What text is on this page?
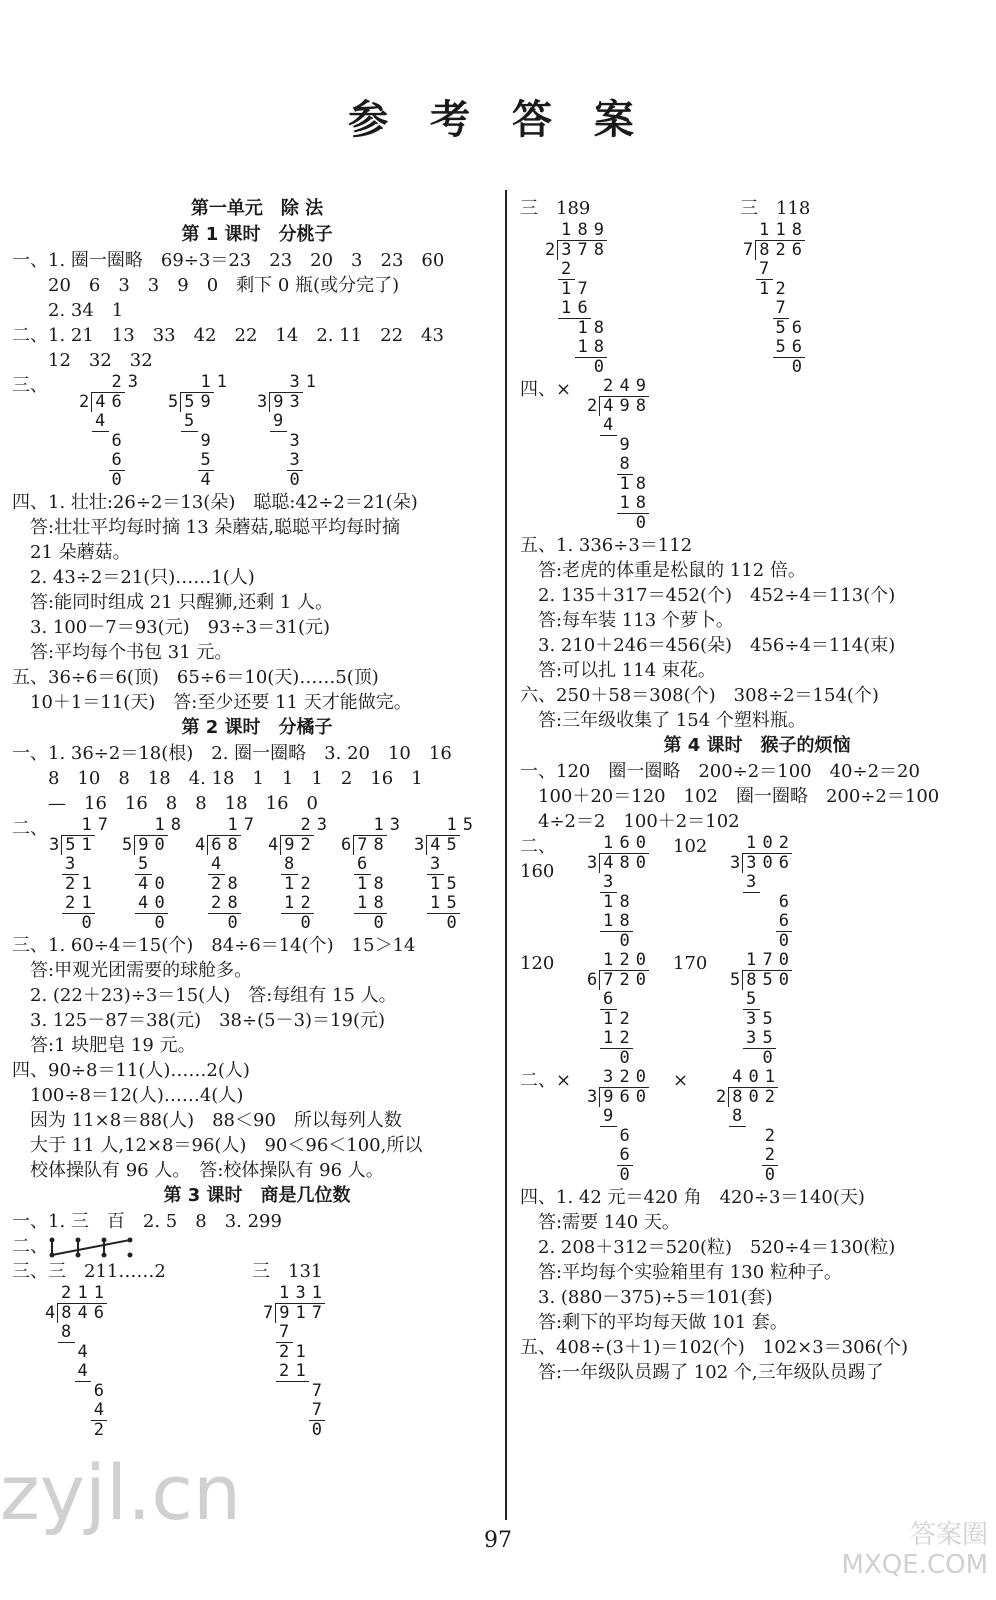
参 考 答 案
第一单元　除 法
第 1 课时　分桃子
一、1. 圈一圈略　69÷3＝23　23　20　3　23　60
　　20　6　3　3　9　0　剩下 0 瓶(或分完了)
　　2. 34　1
二、1. 21　13　33　42　22　14　2. 11　22　43
　　12　32　32
三、
			2	3
2	4	6	
	4		
		6	
		6	
		0	
		1	1
5	5	9	
	5		
		9	
		5	
		4	
		3	1
3	9	3	
	9		
		3	
		3	
		0	
四、1. 壮壮:26÷2＝13(朵)　聪聪:42÷2＝21(朵)
　答:壮壮平均每时摘 13 朵蘑菇,聪聪平均每时摘
　21 朵蘑菇。
　2. 43÷2＝21(只)……1(人)
　答:能同时组成 21 只醒狮,还剩 1 人。
　3. 100－7＝93(元)　93÷3＝31(元)
　答:平均每个书包 31 元。
五、36÷6＝6(顶)　65÷6＝10(天)……5(顶)
　10＋1＝11(天)　答:至少还要 11 天才能做完。
第 2 课时　分橘子
一、1. 36÷2＝18(根)　2. 圈一圈略　3. 20　10　16
　　8　10　8　18　4. 18　1　1　1　2　16　1
　　—　16　16　8　8　18　16　0
二、
		1	7
3	5	1	
	3		
	2	1	
	2	1	
		0	
		1	8
5	9	0	
	5		
	4	0	
	4	0	
		0	
		1	7
4	6	8	
	4		
	2	8	
	2	8	
		0	
		2	3
4	9	2	
	8		
	1	2	
	1	2	
		0	
		1	3
6	7	8	
	6		
	1	8	
	1	8	
		0	
		1	5
3	4	5	
	3		
	1	5	
	1	5	
		0	
三、1. 60÷4＝15(个)　84÷6＝14(个)　15＞14
　答:甲观光团需要的球舱多。
　2. (22＋23)÷3＝15(人)　答:每组有 15 人。
　3. 125－87＝38(元)　38÷(5－3)＝19(元)
　答:1 块肥皂 19 元。
四、90÷8＝11(人)……2(人)
　100÷8＝12(人)……4(人)
　因为 11×8＝88(人)　88＜90　所以每列人数
　大于 11 人,12×8＝96(人)　90＜96＜100,所以
　校体操队有 96 人。　答:校体操队有 96 人。
第 3 课时　商是几位数
一、1. 三　百　2. 5　8　3. 299
二、
三、三　211……2
	2	1	1
4	8	4	6
	8		
		4	
		4	
			6
			4
			2
三　131
	1	3	1
7	9	1	7
	7		
	2	1	
	2	1	
			7
			7
			0
三　189
	1	8	9
2	3	7	8
	2		
	1	7	
	1	6	
		1	8
		1	8
			0
三　118
	1	1	8
7	8	2	6
	7		
	1	2	
		7	
		5	6
		5	6
			0
四、×
		2	4	9
2	4	9	8
	4		
		9	
		8	
		1	8
		1	8
			0
五、1. 336÷3＝112
　答:老虎的体重是松鼠的 112 倍。
　2. 135＋317＝452(个)　452÷4＝113(个)
　答:每车装 113 个萝卜。
　3. 210＋246＝456(朵)　456÷4＝114(束)
　答:可以扎 114 束花。
六、250＋58＝308(个)　308÷2＝154(个)
　答:三年级收集了 154 个塑料瓶。
第 4 课时　猴子的烦恼
一、120　圈一圈略　200÷2＝100　40÷2＝20
　100＋20＝120　102　圈一圈略　200÷2＝100
　4÷2＝2　100＋2＝102
二、160
	1	6	0
3	4	8	0
	3		
	1	8	
	1	8	
		0	
102
		1	0	2
3	3	0	6
	3		
			6
			6
			0
120
		1	2	0
6	7	2	0
	6		
	1	2	
	1	2	
		0	
170
		1	7	0
5	8	5	0
	5		
	3	5	
	3	5	
		0	
二、×
		3	2	0
3	9	6	0
	9		
		6	
		6	
		0	
×
		4	0	1
2	8	0	2
	8		
			2
			2
			0
四、1. 42 元＝420 角　420÷3＝140(天)
　答:需要 140 天。
　2. 208＋312＝520(粒)　520÷4＝130(粒)
　答:平均每个实验箱里有 130 粒种子。
　3. (880－375)÷5＝101(套)
　答:剩下的平均每天做 101 套。
五、408÷(3＋1)＝102(个)　102×3＝306(个)
　答:一年级队员踢了 102 个,三年级队员踢了
97
zyjl.cn	答案圈
MXQE.COM
